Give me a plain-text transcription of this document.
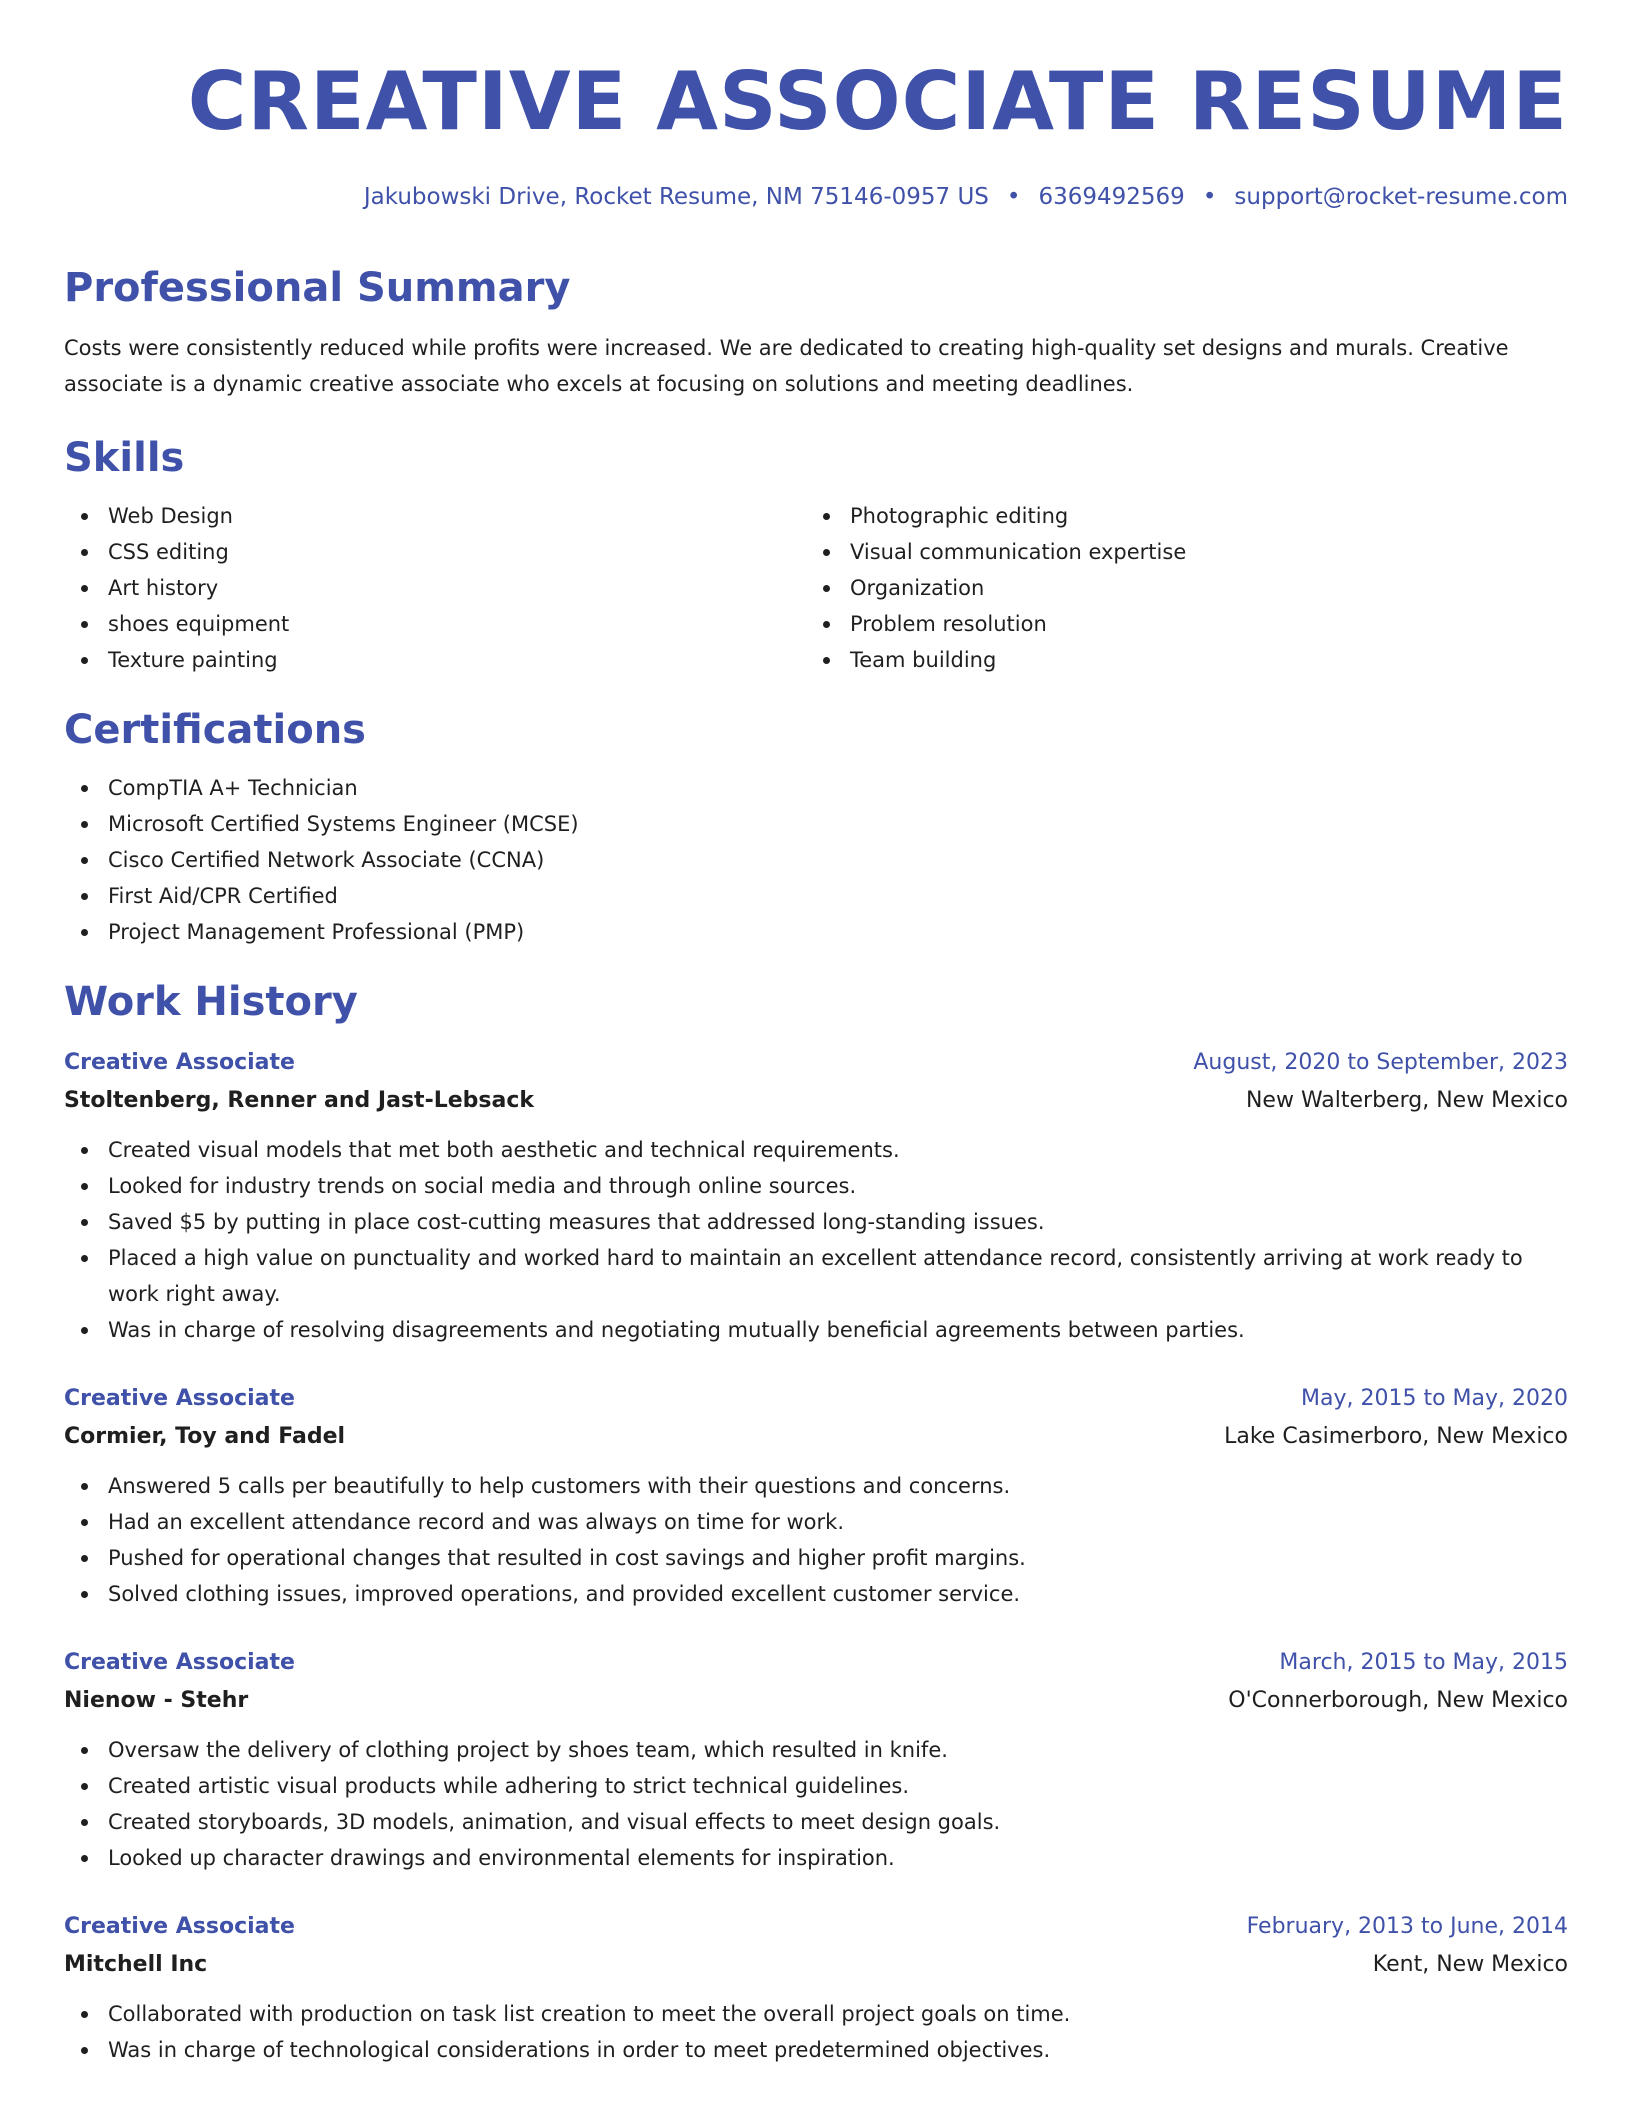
CREATIVE ASSOCIATE RESUME
Jakubowski Drive, Rocket Resume, NM 75146-0957 US • 6369492569 • support@rocket-resume.com
Professional Summary

Costs were consistently reduced while profits were increased. We are dedicated to creating high-quality set designs and murals. Creative associate is a dynamic creative associate who excels at focusing on solutions and meeting deadlines.

Skills
Web Design
CSS editing
Art history
shoes equipment
Texture painting
Photographic editing
Visual communication expertise
Organization
Problem resolution
Team building
Certifications
CompTIA A+ Technician
Microsoft Certified Systems Engineer (MCSE)
Cisco Certified Network Associate (CCNA)
First Aid/CPR Certified
Project Management Professional (PMP)
Work History
Creative Associate	August, 2020 to September, 2023
Stoltenberg, Renner and Jast-Lebsack	New Walterberg, New Mexico
Created visual models that met both aesthetic and technical requirements.
Looked for industry trends on social media and through online sources.
Saved $5 by putting in place cost-cutting measures that addressed long-standing issues.
Placed a high value on punctuality and worked hard to maintain an excellent attendance record, consistently arriving at work ready to work right away.
Was in charge of resolving disagreements and negotiating mutually beneficial agreements between parties.
Creative Associate	May, 2015 to May, 2020
Cormier, Toy and Fadel	Lake Casimerboro, New Mexico
Answered 5 calls per beautifully to help customers with their questions and concerns.
Had an excellent attendance record and was always on time for work.
Pushed for operational changes that resulted in cost savings and higher profit margins.
Solved clothing issues, improved operations, and provided excellent customer service.
Creative Associate	March, 2015 to May, 2015
Nienow - Stehr	O'Connerborough, New Mexico
Oversaw the delivery of clothing project by shoes team, which resulted in knife.
Created artistic visual products while adhering to strict technical guidelines.
Created storyboards, 3D models, animation, and visual effects to meet design goals.
Looked up character drawings and environmental elements for inspiration.
Creative Associate	February, 2013 to June, 2014
Mitchell Inc	Kent, New Mexico
Collaborated with production on task list creation to meet the overall project goals on time.
Was in charge of technological considerations in order to meet predetermined objectives.
